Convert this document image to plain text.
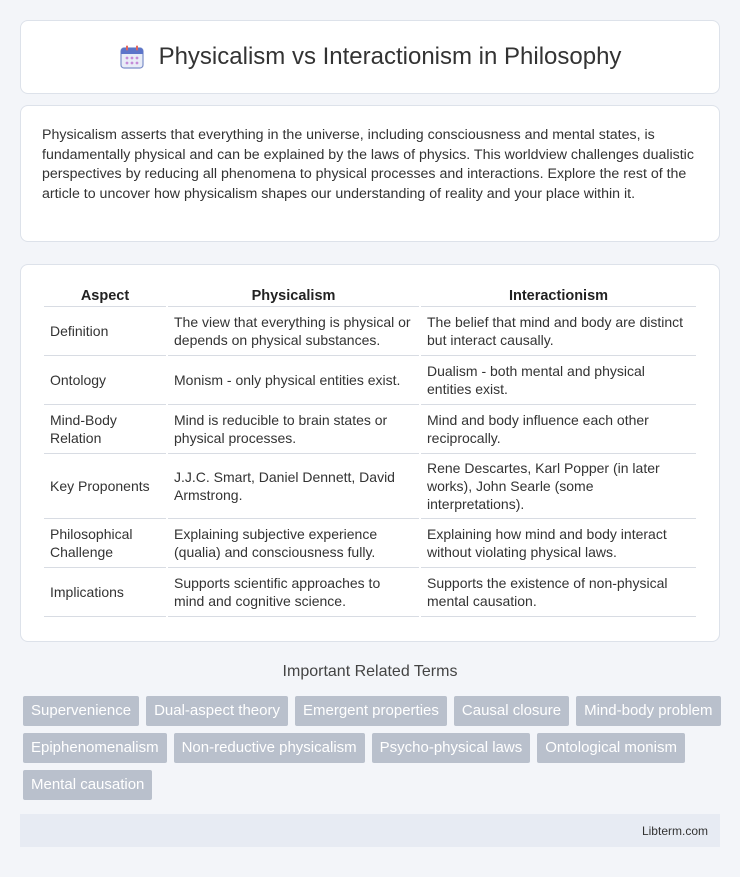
Physicalism vs Interactionism in Philosophy

Physicalism asserts that everything in the universe, including consciousness and mental states, is fundamentally physical and can be explained by the laws of physics. This worldview challenges dualistic perspectives by reducing all phenomena to physical processes and interactions. Explore the rest of the article to uncover how physicalism shapes our understanding of reality and your place within it.

Aspect	Physicalism	Interactionism
Definition	The view that everything is physical or depends on physical substances.	The belief that mind and body are distinct but interact causally.
Ontology	Monism - only physical entities exist.	Dualism - both mental and physical entities exist.
Mind-Body Relation	Mind is reducible to brain states or physical processes.	Mind and body influence each other reciprocally.
Key Proponents	J.J.C. Smart, Daniel Dennett, David Armstrong.	Rene Descartes, Karl Popper (in later works), John Searle (some interpretations).
Philosophical Challenge	Explaining subjective experience (qualia) and consciousness fully.	Explaining how mind and body interact without violating physical laws.
Implications	Supports scientific approaches to mind and cognitive science.	Supports the existence of non-physical mental causation.
Important Related Terms
Supervenience	Dual-aspect theory	Emergent properties	Causal closure	Mind-body problem
Epiphenomenalism	Non-reductive physicalism	Psycho-physical laws	Ontological monism
Mental causation
Libterm.com
